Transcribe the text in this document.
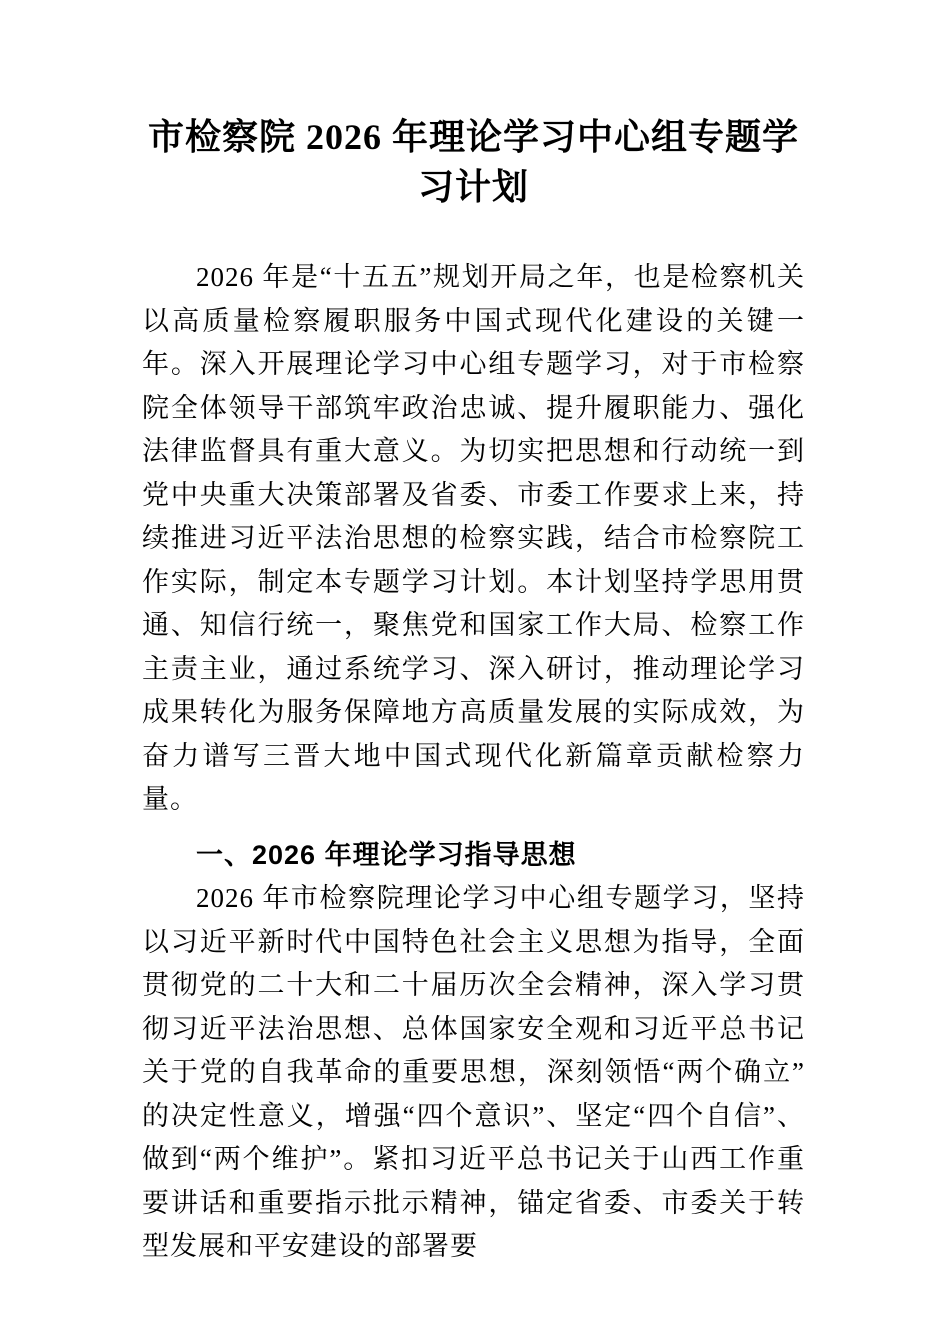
市检察院 2026 年理论学习中心组专题学习计划

2026 年是“十五五”规划开局之年，也是检察机关以高质量检察履职服务中国式现代化建设的关键一年。深入开展理论学习中心组专题学习，对于市检察院全体领导干部筑牢政治忠诚、提升履职能力、强化法律监督具有重大意义。为切实把思想和行动统一到党中央重大决策部署及省委、市委工作要求上来，持续推进习近平法治思想的检察实践，结合市检察院工作实际，制定本专题学习计划。本计划坚持学思用贯通、知信行统一，聚焦党和国家工作大局、检察工作主责主业，通过系统学习、深入研讨，推动理论学习成果转化为服务保障地方高质量发展的实际成效，为奋力谱写三晋大地中国式现代化新篇章贡献检察力量。

一、2026 年理论学习指导思想

2026 年市检察院理论学习中心组专题学习，坚持以习近平新时代中国特色社会主义思想为指导，全面贯彻党的二十大和二十届历次全会精神，深入学习贯彻习近平法治思想、总体国家安全观和习近平总书记关于党的自我革命的重要思想，深刻领悟“两个确立”的决定性意义，增强“四个意识”、坚定“四个自信”、做到“两个维护”。紧扣习近平总书记关于山西工作重要讲话和重要指示批示精神，锚定省委、市委关于转型发展和平安建设的部署要
